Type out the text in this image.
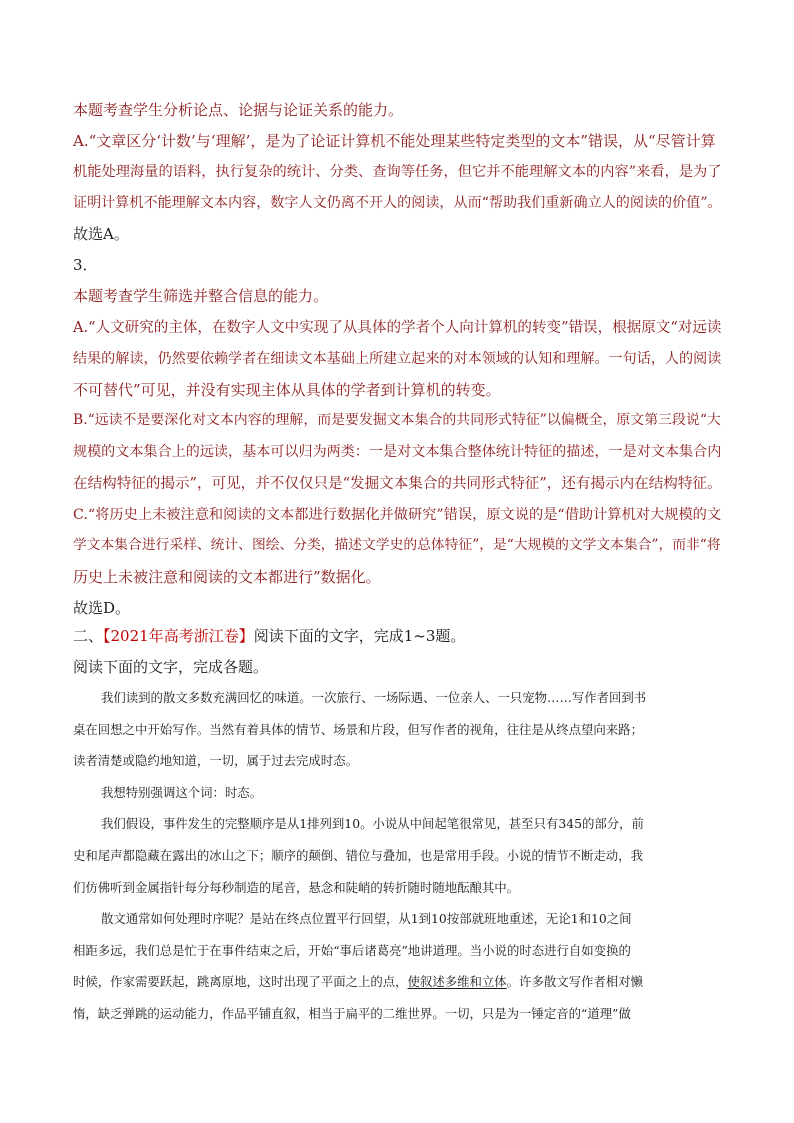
本题考查学生分析论点、论据与论证关系的能力。
A.“文章区分‘计数’与‘理解’，是为了论证计算机不能处理某些特定类型的文本”错误，从“尽管计算
机能处理海量的语料，执行复杂的统计、分类、查询等任务，但它并不能理解文本的内容”来看，是为了
证明计算机不能理解文本内容，数字人文仍离不开人的阅读，从而“帮助我们重新确立人的阅读的价值”。
故选A。
3．
本题考查学生筛选并整合信息的能力。
A.“人文研究的主体，在数字人文中实现了从具体的学者个人向计算机的转变”错误，根据原文“对远读
结果的解读，仍然要依赖学者在细读文本基础上所建立起来的对本领域的认知和理解。一句话，人的阅读
不可替代”可见，并没有实现主体从具体的学者到计算机的转变。
B.“远读不是要深化对文本内容的理解，而是要发掘文本集合的共同形式特征”以偏概全，原文第三段说“大
规模的文本集合上的远读，基本可以归为两类：一是对文本集合整体统计特征的描述，一是对文本集合内
在结构特征的揭示”，可见，并不仅仅只是“发掘文本集合的共同形式特征”，还有揭示内在结构特征。
C.“将历史上未被注意和阅读的文本都进行数据化并做研究”错误，原文说的是“借助计算机对大规模的文
学文本集合进行采样、统计、图绘、分类，描述文学史的总体特征”，是“大规模的文学文本集合”，而非“将
历史上未被注意和阅读的文本都进行”数据化。
故选D。
二、【2021年高考浙江卷】阅读下面的文字，完成1~3题。
阅读下面的文字，完成各题。
我们读到的散文多数充满回忆的味道。一次旅行、一场际遇、一位亲人、一只宠物……写作者回到书
桌在回想之中开始写作。当然有着具体的情节、场景和片段，但写作者的视角，往往是从终点望向来路；
读者清楚或隐约地知道，一切，属于过去完成时态。
我想特别强调这个词：时态。
我们假设，事件发生的完整顺序是从1排列到10。小说从中间起笔很常见，甚至只有345的部分，前
史和尾声都隐藏在露出的冰山之下；顺序的颠倒、错位与叠加，也是常用手段。小说的情节不断走动，我
们仿佛听到金属指针每分每秒制造的尾音，悬念和陡峭的转折随时随地酝酿其中。
散文通常如何处理时序呢？是站在终点位置平行回望，从1到10按部就班地重述，无论1和10之间
相距多远，我们总是忙于在事件结束之后，开始“事后诸葛亮”地讲道理。当小说的时态进行自如变换的
时候，作家需要跃起，跳离原地，这时出现了平面之上的点，使叙述多维和立体。许多散文写作者相对懒
惰，缺乏弹跳的运动能力，作品平铺直叙，相当于扁平的二维世界。一切，只是为一锤定音的“道理”做
